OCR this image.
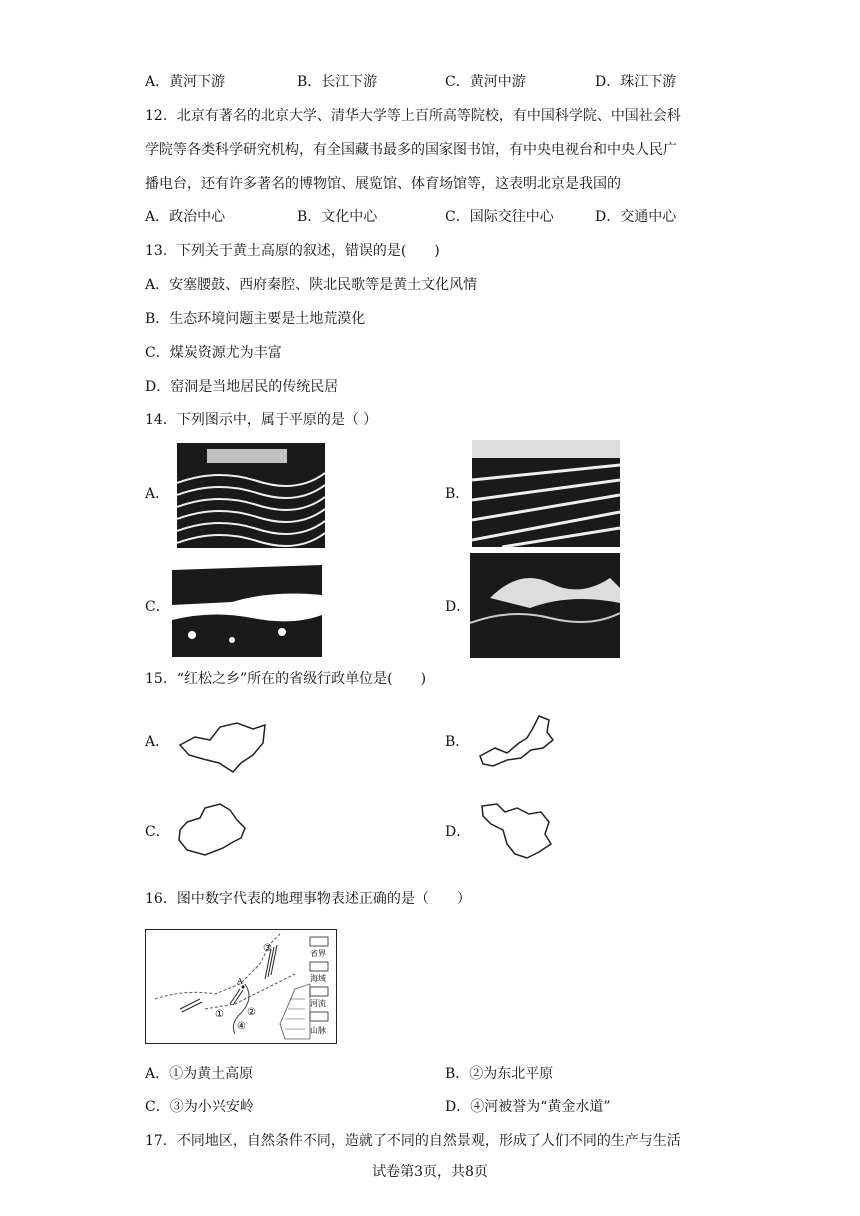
A．黄河下游	B．长江下游	C．黄河中游	D．珠江下游
12．北京有著名的北京大学、清华大学等上百所高等院校，有中国科学院、中国社会科
学院等各类科学研究机构，有全国藏书最多的国家图书馆，有中央电视台和中央人民广
播电台，还有许多著名的博物馆、展览馆、体育场馆等，这表明北京是我国的
A．政治中心	B．文化中心	C．国际交往中心	D．交通中心
13．下列关于黄土高原的叙述，错误的是(　　)
A．安塞腰鼓、西府秦腔、陕北民歌等是黄土文化风情
B．生态环境问题主要是土地荒漠化
C．煤炭资源尤为丰富
D．窑洞是当地居民的传统民居
14．下列图示中，属于平原的是（ ）
A．	B．
C．	D．
15．“红松之乡”所在的省级行政单位是(　　)
A．	B．
C．	D．
16．图中数字代表的地理事物表述正确的是（　　）
A
① ②
③
④
省界
海域
河流
山脉
A．①为黄土高原	B．②为东北平原
C．③为小兴安岭	D．④河被誉为“黄金水道”
17．不同地区，自然条件不同，造就了不同的自然景观，形成了人们不同的生产与生活
试卷第3页，共8页
